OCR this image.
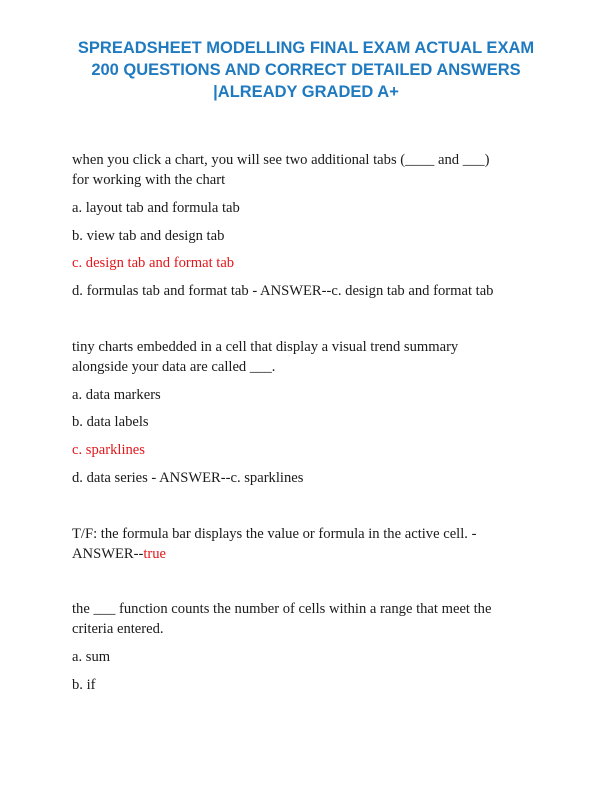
SPREADSHEET MODELLING FINAL EXAM ACTUAL EXAM
200 QUESTIONS AND CORRECT DETAILED ANSWERS
|ALREADY GRADED A+

when you click a chart, you will see two additional tabs (____ and ___)

for working with the chart

a. layout tab and formula tab

b. view tab and design tab

c. design tab and format tab

d. formulas tab and format tab - ANSWER--c. design tab and format tab

tiny charts embedded in a cell that display a visual trend summary

alongside your data are called ___.

a. data markers

b. data labels

c. sparklines

d. data series - ANSWER--c. sparklines

T/F: the formula bar displays the value or formula in the active cell. -

ANSWER--true

the ___ function counts the number of cells within a range that meet the

criteria entered.

a. sum

b. if
